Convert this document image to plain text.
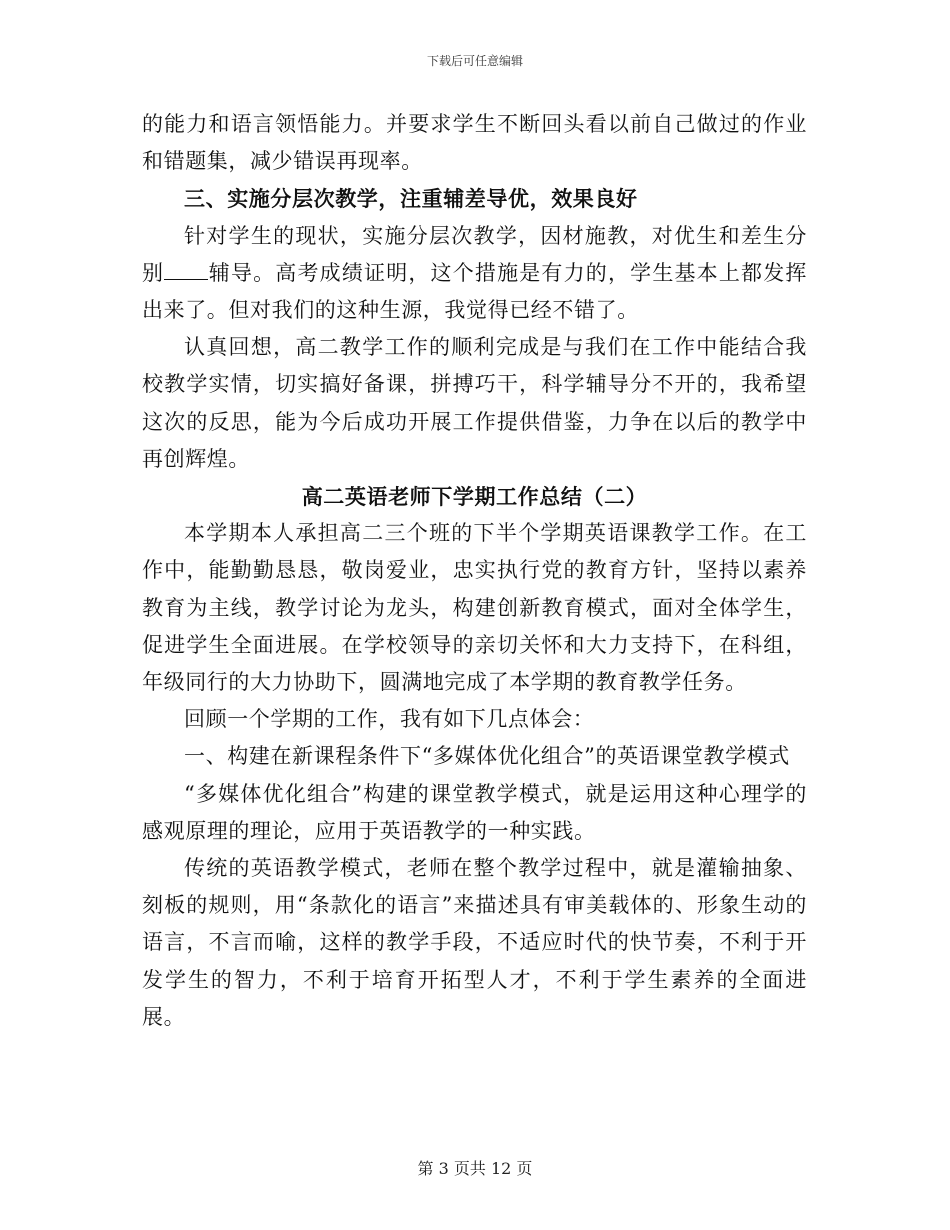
下载后可任意编辑

的能力和语言领悟能力。并要求学生不断回头看以前自己做过的作业和错题集，减少错误再现率。

三、实施分层次教学，注重辅差导优，效果良好

针对学生的现状，实施分层次教学，因材施教，对优生和差生分别 辅导。高考成绩证明，这个措施是有力的，学生基本上都发挥出来了。但对我们的这种生源，我觉得已经不错了。

认真回想，高二教学工作的顺利完成是与我们在工作中能结合我校教学实情，切实搞好备课，拼搏巧干，科学辅导分不开的，我希望这次的反思，能为今后成功开展工作提供借鉴，力争在以后的教学中再创辉煌。

高二英语老师下学期工作总结（二）

本学期本人承担高二三个班的下半个学期英语课教学工作。在工作中，能勤勤恳恳，敬岗爱业，忠实执行党的教育方针，坚持以素养教育为主线，教学讨论为龙头，构建创新教育模式，面对全体学生，促进学生全面进展。在学校领导的亲切关怀和大力支持下，在科组，年级同行的大力协助下，圆满地完成了本学期的教育教学任务。

回顾一个学期的工作，我有如下几点体会：

一、构建在新课程条件下“多媒体优化组合”的英语课堂教学模式

“多媒体优化组合”构建的课堂教学模式，就是运用这种心理学的感观原理的理论，应用于英语教学的一种实践。

传统的英语教学模式，老师在整个教学过程中，就是灌输抽象、刻板的规则，用“条款化的语言”来描述具有审美载体的、形象生动的语言，不言而喻，这样的教学手段，不适应时代的快节奏，不利于开发学生的智力，不利于培育开拓型人才，不利于学生素养的全面进展。

第 3 页共 12 页
